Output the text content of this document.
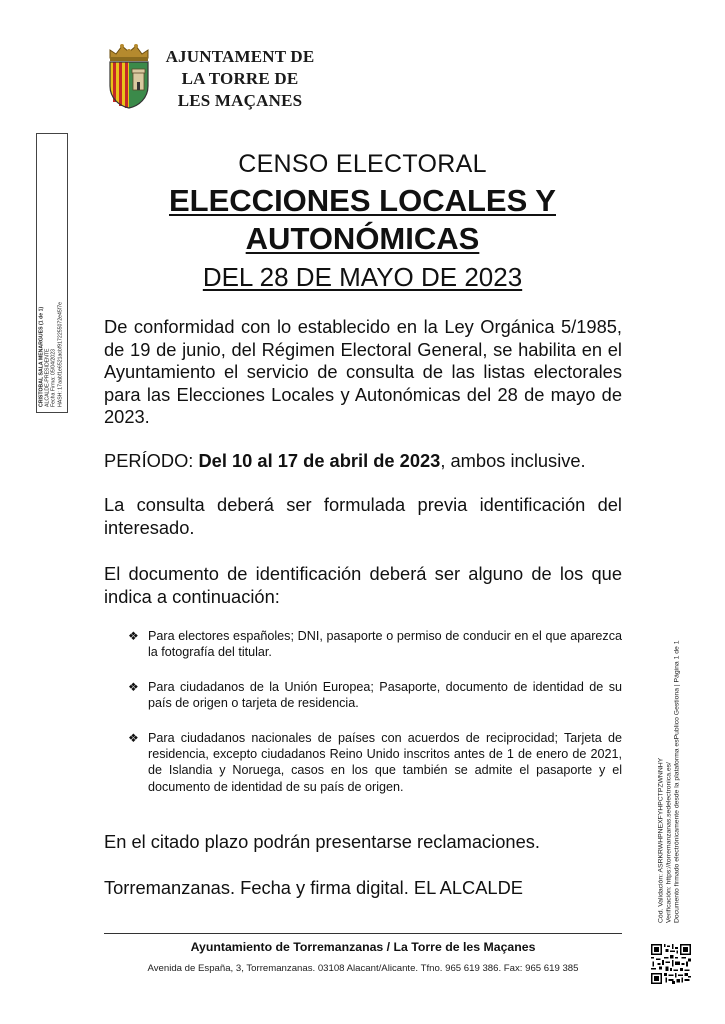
AJUNTAMENT DE
LA TORRE DE
LES MAÇANES
CRISTOBAL SALA MENARGUES (1 de 1) ALCALDE-PRESIDENTE Fecha Firma: 05/04/2023 HASH: 17aabf1e6521acbf9172255072e45f7e
CENSO ELECTORAL
ELECCIONES LOCALES Y
AUTONÓMICAS
DEL 28 DE MAYO DE 2023
De conformidad con lo establecido en la Ley Orgánica 5/1985, de 19 de junio, del Régimen Electoral General, se habilita en el Ayuntamiento el servicio de consulta de las listas electorales para las Elecciones Locales y Autonómicas del 28 de mayo de 2023.
PERÍODO: Del 10 al 17 de abril de 2023, ambos inclusive.
La consulta deberá ser formulada previa identificación del interesado.
El documento de identificación deberá ser alguno de los que indica a continuación:
❖ Para electores españoles; DNI, pasaporte o permiso de conducir en el que aparezca la fotografía del titular.
❖ Para ciudadanos de la Unión Europea; Pasaporte, documento de identidad de su país de origen o tarjeta de residencia.
❖ Para ciudadanos nacionales de países con acuerdos de reciprocidad; Tarjeta de residencia, excepto ciudadanos Reino Unido inscritos antes de 1 de enero de 2021, de Islandia y Noruega, casos en los que también se admite el pasaporte y el documento de identidad de su país de origen.
En el citado plazo podrán presentarse reclamaciones.
Torremanzanas. Fecha y firma digital. EL ALCALDE
Ayuntamiento de Torremanzanas / La Torre de les Maçanes
Avenida de España, 3, Torremanzanas. 03108 Alacant/Alicante. Tfno. 965 619 386. Fax: 965 619 385
Cód. Validación: ASRKRWHPNEXFYHPCTPZWNNHY Verificación: https://torremanzanas.sedelectronica.es/ Documento firmado electrónicamente desde la plataforma esPublico Gestiona | Página 1 de 1
